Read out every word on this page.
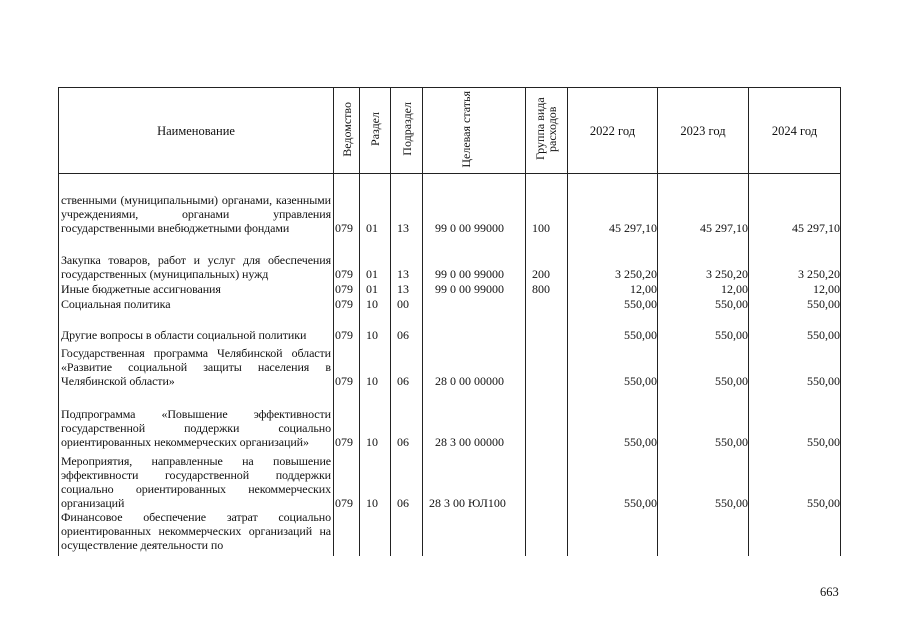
Наименование	Ведомство	Раздел	Подраздел	Целевая статья	Группа вида расходов	2022 год	2023 год	2024 год
ственными (муниципальными) органами, казенными учреждениями, органами управления государственными внебюджетными фондами	079	01	13	99 0 00 99000	100	45 297,10	45 297,10	45 297,10
Закупка товаров, работ и услуг для обеспечения государственных (муниципальных) нужд	079	01	13	99 0 00 99000	200	3 250,20	3 250,20	3 250,20
Иные бюджетные ассигнования	079	01	13	99 0 00 99000	800	12,00	12,00	12,00
Социальная политика	079	10	00			550,00	550,00	550,00
Другие вопросы в области социальной политики	079	10	06			550,00	550,00	550,00
Государственная программа Челябинской области «Развитие социальной защиты населения в Челябинской области»	079	10	06	28 0 00 00000		550,00	550,00	550,00
Подпрограмма «Повышение эффективности государственной поддержки социально ориентированных некоммерческих организаций»	079	10	06	28 3 00 00000		550,00	550,00	550,00
Мероприятия, направленные на повышение эффективности государственной поддержки социально ориентированных некоммерческих организаций	079	10	06	28 3 00 ЮЛ100		550,00	550,00	550,00
Финансовое обеспечение затрат социально ориентированных некоммерческих организаций на осуществление деятельности по								
663
